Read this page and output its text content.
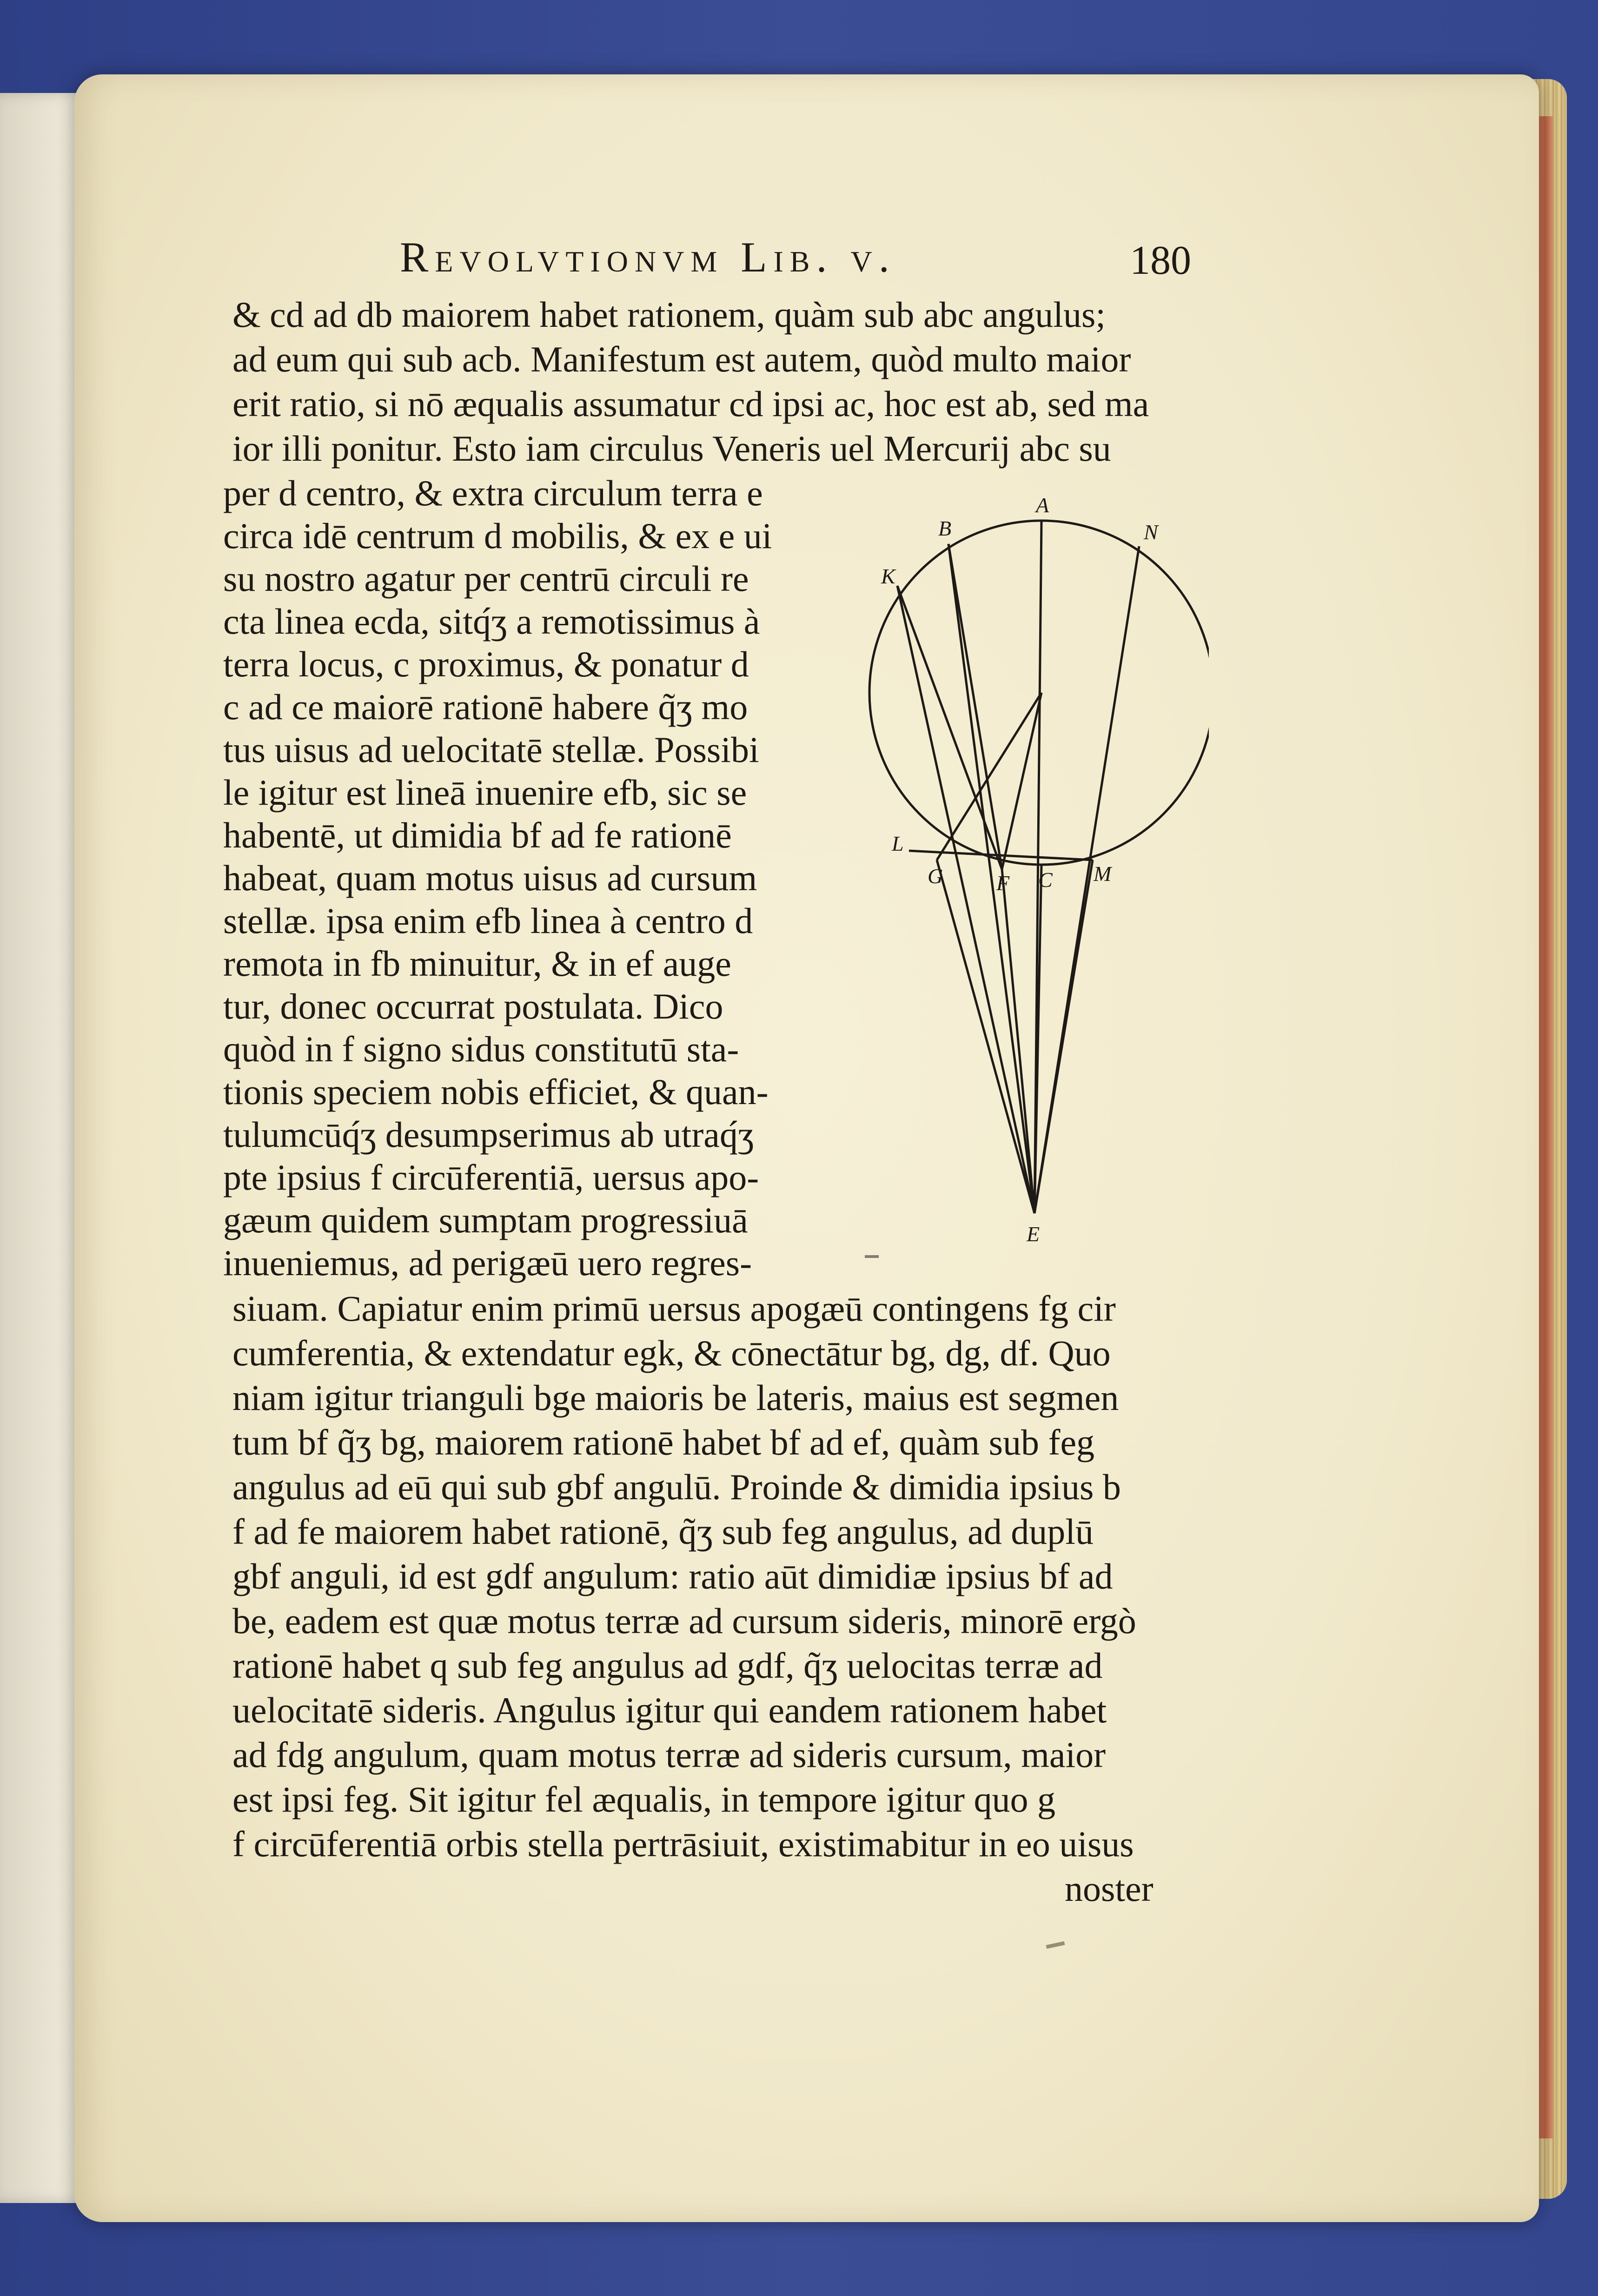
Revolvtionvm Lib. v.	180
& cd ad db maiorem habet rationem, quàm sub abc angulus;
ad eum qui sub acb. Manifestum est autem, quòd multo maior
erit ratio, si nō æqualis assumatur cd ipsi ac, hoc est ab, sed ma
ior illi ponitur. Esto iam circulus Veneris uel Mercurij abc su
per d centro, & extra circulum terra e
circa idē centrum d mobilis, & ex e ui
su nostro agatur per centrū circuli re
cta linea ecda, sitq́ʒ a remotissimus à
terra locus, c proximus, & ponatur d
c ad ce maiorē rationē habere q̃ʒ mo
tus uisus ad uelocitatē stellæ. Possibi
le igitur est lineā inuenire efb, sic se
habentē, ut dimidia bf ad fe rationē
habeat, quam motus uisus ad cursum
stellæ. ipsa enim efb linea à centro d
remota in fb minuitur, & in ef auge
tur, donec occurrat postulata. Dico
quòd in f signo sidus constitutū sta-
tionis speciem nobis efficiet, & quan-
tulumcūq́ʒ desumpserimus ab utraq́ʒ
pte ipsius f circūferentiā, uersus apo-
gæum quidem sumptam progressiuā
inueniemus, ad perigæū uero regres-
siuam. Capiatur enim primū uersus apogæū contingens fg cir
cumferentia, & extendatur egk, & cōnectātur bg, dg, df. Quo
niam igitur trianguli bge maioris be lateris, maius est segmen
tum bf q̃ʒ bg, maiorem rationē habet bf ad ef, quàm sub feg
angulus ad eū qui sub gbf angulū. Proinde & dimidia ipsius b
f ad fe maiorem habet rationē, q̃ʒ sub feg angulus, ad duplū
gbf anguli, id est gdf angulum: ratio aūt dimidiæ ipsius bf ad
be, eadem est quæ motus terræ ad cursum sideris, minorē ergò
rationē habet q sub feg angulus ad gdf, q̃ʒ uelocitas terræ ad
uelocitatē sideris. Angulus igitur qui eandem rationem habet
ad fdg angulum, quam motus terræ ad sideris cursum, maior
est ipsi feg. Sit igitur fel æqualis, in tempore igitur quo g
f circūferentiā orbis stella pertrāsiuit, existimabitur in eo uisus
noster
A
B	N
K
L
G F C M
E
